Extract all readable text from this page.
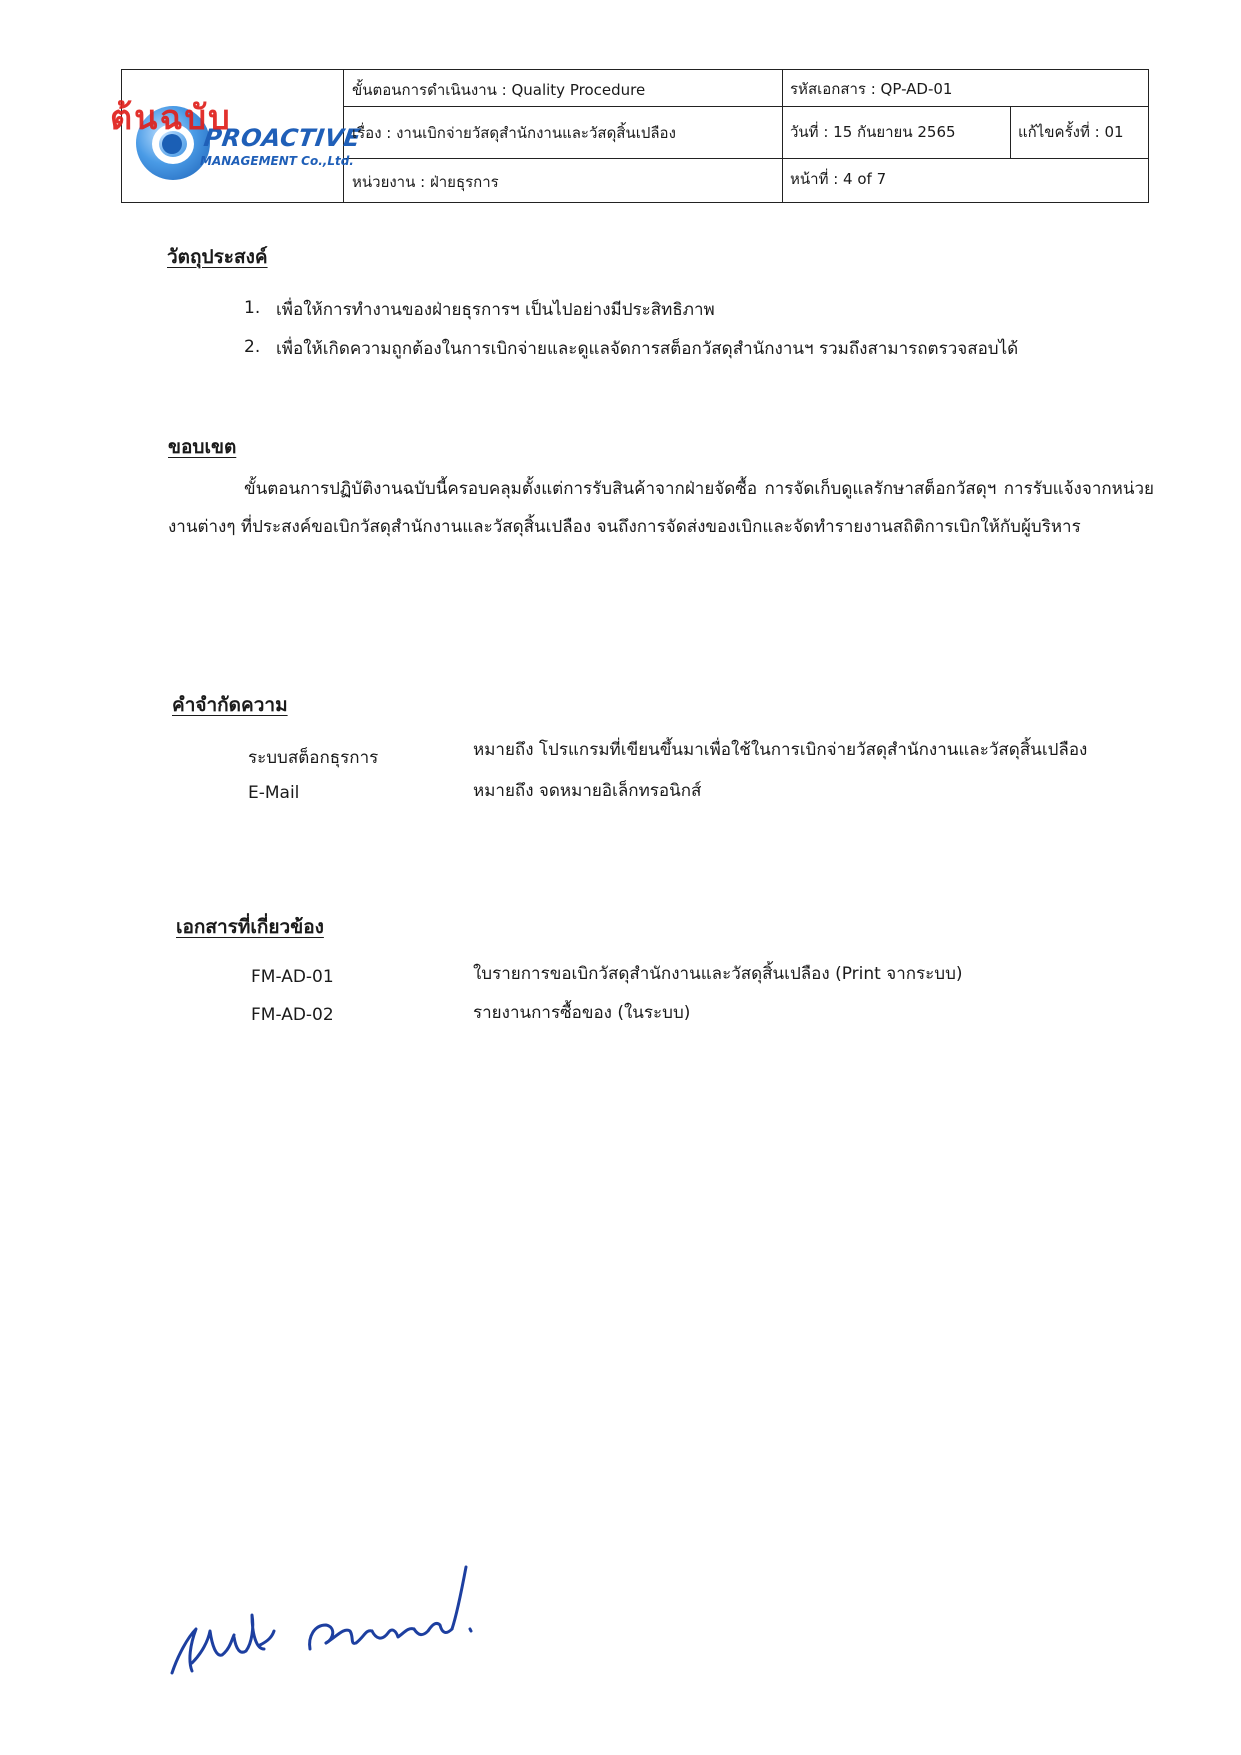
PROACTIVE
MANAGEMENT Co.,Ltd.
ต้นฉบับ
ขั้นตอนการดำเนินงาน : Quality Procedure
เรื่อง : งานเบิกจ่ายวัสดุสำนักงานและวัสดุสิ้นเปลือง
หน่วยงาน : ฝ่ายธุรการ
รหัสเอกสาร : QP-AD-01
วันที่ : 15 กันยายน 2565	แก้ไขครั้งที่ : 01
หน้าที่ : 4 of 7
วัตถุประสงค์
1. เพื่อให้การทำงานของฝ่ายธุรการฯ เป็นไปอย่างมีประสิทธิภาพ
2. เพื่อให้เกิดความถูกต้องในการเบิกจ่ายและดูแลจัดการสต็อกวัสดุสำนักงานฯ รวมถึงสามารถตรวจสอบได้
ขอบเขต
ขั้นตอนการปฏิบัติงานฉบับนี้ครอบคลุมตั้งแต่การรับสินค้าจากฝ่ายจัดซื้อ การจัดเก็บดูแลรักษาสต็อกวัสดุฯ การรับแจ้งจากหน่วยงานต่างๆ ที่ประสงค์ขอเบิกวัสดุสำนักงานและวัสดุสิ้นเปลือง จนถึงการจัดส่งของเบิกและจัดทำรายงานสถิติการเบิกให้กับผู้บริหาร
คำจำกัดความ
ระบบสต็อกธุรการ	หมายถึง โปรแกรมที่เขียนขึ้นมาเพื่อใช้ในการเบิกจ่ายวัสดุสำนักงานและวัสดุสิ้นเปลือง
E-Mail	หมายถึง จดหมายอิเล็กทรอนิกส์
เอกสารที่เกี่ยวข้อง
FM-AD-01	ใบรายการขอเบิกวัสดุสำนักงานและวัสดุสิ้นเปลือง (Print จากระบบ)
FM-AD-02	รายงานการซื้อของ (ในระบบ)
